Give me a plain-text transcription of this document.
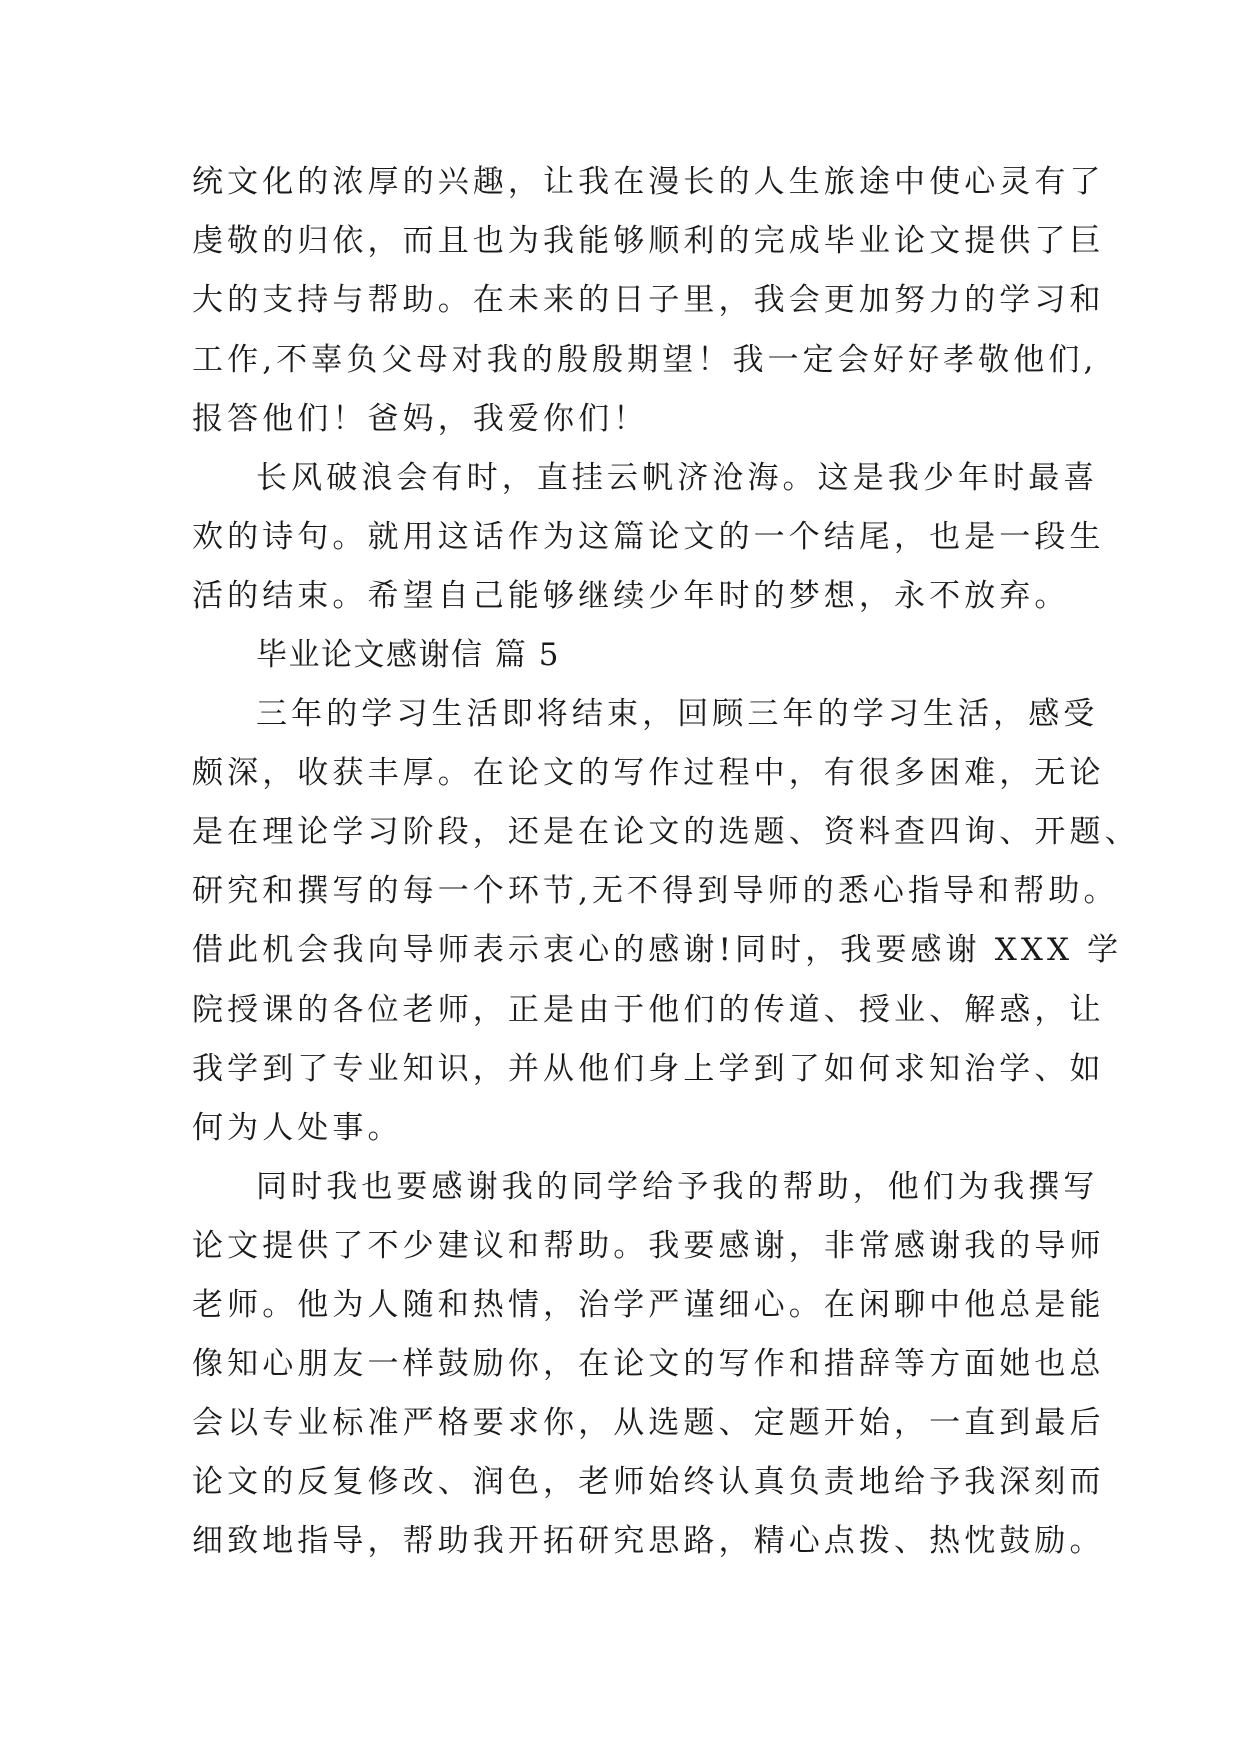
统文化的浓厚的兴趣，让我在漫长的人生旅途中使心灵有了
虔敬的归依，而且也为我能够顺利的完成毕业论文提供了巨
大的支持与帮助。在未来的日子里，我会更加努力的学习和
工作,不辜负父母对我的殷殷期望！我一定会好好孝敬他们,
报答他们！爸妈，我爱你们！
长风破浪会有时，直挂云帆济沧海。这是我少年时最喜
欢的诗句。就用这话作为这篇论文的一个结尾，也是一段生
活的结束。希望自己能够继续少年时的梦想，永不放弃。
毕业论文感谢信 篇 5
三年的学习生活即将结束，回顾三年的学习生活，感受
颇深，收获丰厚。在论文的写作过程中，有很多困难，无论
是在理论学习阶段，还是在论文的选题、资料查四询、开题、
研究和撰写的每一个环节,无不得到导师的悉心指导和帮助。
借此机会我向导师表示衷心的感谢!同时，我要感谢 XXX 学
院授课的各位老师，正是由于他们的传道、授业、解惑，让
我学到了专业知识，并从他们身上学到了如何求知治学、如
何为人处事。
同时我也要感谢我的同学给予我的帮助，他们为我撰写
论文提供了不少建议和帮助。我要感谢，非常感谢我的导师
老师。他为人随和热情，治学严谨细心。在闲聊中他总是能
像知心朋友一样鼓励你，在论文的写作和措辞等方面她也总
会以专业标准严格要求你，从选题、定题开始，一直到最后
论文的反复修改、润色，老师始终认真负责地给予我深刻而
细致地指导，帮助我开拓研究思路，精心点拨、热忱鼓励。
